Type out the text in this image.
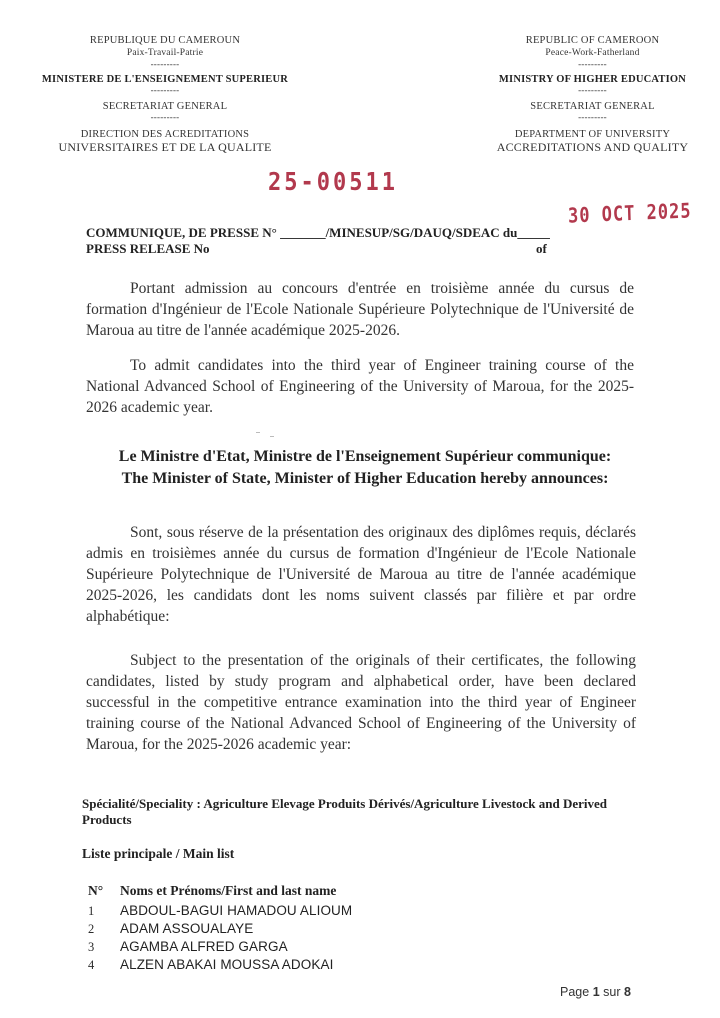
REPUBLIQUE DU CAMEROUN
Paix-Travail-Patrie
---------
MINISTERE DE L'ENSEIGNEMENT SUPERIEUR
---------
SECRETARIAT GENERAL
---------
DIRECTION DES ACREDITATIONS
UNIVERSITAIRES ET DE LA QUALITE
REPUBLIC OF CAMEROON
Peace-Work-Fatherland
---------
MINISTRY OF HIGHER EDUCATION
---------
SECRETARIAT GENERAL
---------
DEPARTMENT OF UNIVERSITY
ACCREDITATIONS AND QUALITY
25-00511
30 OCT 2025
COMMUNIQUE, DE PRESSE N° _______/MINESUP/SG/DAUQ/SDEAC du_____
PRESS RELEASE No	of
Portant admission au concours d'entrée en troisième année du cursus de formation d'Ingénieur de l'Ecole Nationale Supérieure Polytechnique de l'Université de Maroua au titre de l'année académique 2025-2026.
To admit candidates into the third year of Engineer training course of the National Advanced School of Engineering of the University of Maroua, for the 2025-2026 academic year.
Le Ministre d'Etat, Ministre de l'Enseignement Supérieur communique:
The Minister of State, Minister of Higher Education hereby announces:
Sont, sous réserve de la présentation des originaux des diplômes requis, déclarés admis en troisièmes année du cursus de formation d'Ingénieur de l'Ecole Nationale Supérieure Polytechnique de l'Université de Maroua au titre de l'année académique 2025-2026, les candidats dont les noms suivent classés par filière et par ordre alphabétique:
Subject to the presentation of the originals of their certificates, the following candidates, listed by study program and alphabetical order, have been declared successful in the competitive entrance examination into the third year of Engineer training course of the National Advanced School of Engineering of the University of Maroua, for the 2025-2026 academic year:
Spécialité/Speciality : Agriculture Elevage Produits Dérivés/Agriculture Livestock and Derived Products
Liste principale / Main list
N° Noms et Prénoms/First and last name
1 ABDOUL-BAGUI HAMADOU ALIOUM
2 ADAM ASSOUALAYE
3 AGAMBA ALFRED GARGA
4 ALZEN ABAKAI MOUSSA ADOKAI
Page 1 sur 8
